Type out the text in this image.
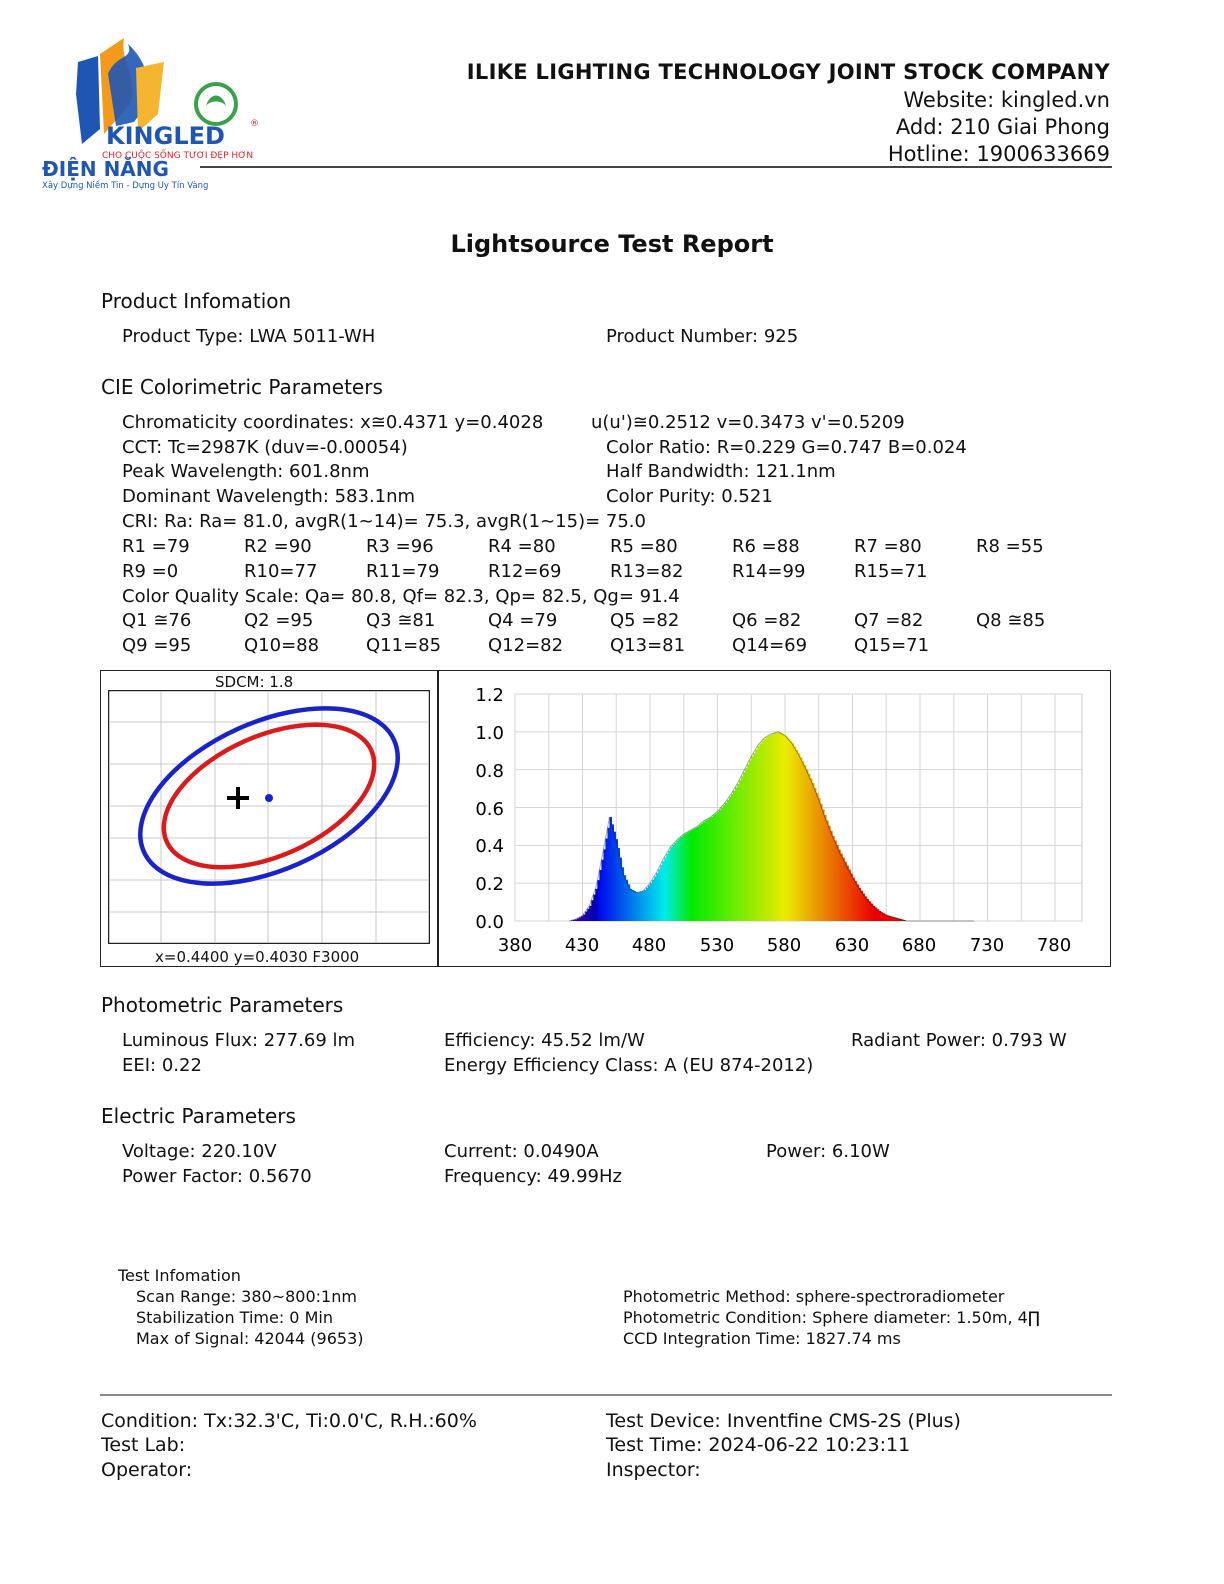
KINGLED	®
CHO CUỘC SỐNG TƯƠI ĐẸP HƠN
ĐIỆN NĂNG
Xây Dựng Niềm Tin - Dựng Uy Tín Vàng
ILIKE LIGHTING TECHNOLOGY JOINT STOCK COMPANY
Website: kingled.vn
Add: 210 Giai Phong
Hotline: 1900633669
Lightsource Test Report
Product Infomation
Product Type: LWA 5011-WH	Product Number: 925
CIE Colorimetric Parameters
Chromaticity coordinates: x≅0.4371 y=0.4028	u(u')≅0.2512 v=0.3473 v'=0.5209
CCT: Tc=2987K (duv=-0.00054)	Color Ratio: R=0.229 G=0.747 B=0.024
Peak Wavelength: 601.8nm	Half Bandwidth: 121.1nm
Dominant Wavelength: 583.1nm	Color Purity: 0.521
CRI: Ra: Ra= 81.0, avgR(1~14)= 75.3, avgR(1~15)= 75.0
R1 =79	R2 =90	R3 =96	R4 =80	R5 =80	R6 =88	R7 =80	R8 =55
R9 =0	R10=77	R11=79	R12=69	R13=82	R14=99	R15=71
Color Quality Scale: Qa= 80.8, Qf= 82.3, Qp= 82.5, Qg= 91.4
Q1 ≅76	Q2 =95	Q3 ≅81	Q4 =79	Q5 =82	Q6 =82	Q7 =82	Q8 ≅85
Q9 =95	Q10=88	Q11=85	Q12=82	Q13=81	Q14=69	Q15=71
SDCM: 1.8
x=0.4400 y=0.4030 F3000
1.2
1.0
0.8
0.6
0.4
0.2
0.0
380 430 480 530 580 630 680 730 780
Photometric Parameters
Luminous Flux: 277.69 lm	Efficiency: 45.52 lm/W	Radiant Power: 0.793 W
EEI: 0.22	Energy Efficiency Class: A (EU 874-2012)
Electric Parameters
Voltage: 220.10V	Current: 0.0490A	Power: 6.10W
Power Factor: 0.5670	Frequency: 49.99Hz
Test Infomation
Scan Range: 380~800:1nm
Stabilization Time: 0 Min
Max of Signal: 42044 (9653)
Photometric Method: sphere-spectroradiometer
Photometric Condition: Sphere diameter: 1.50m, 4∏
CCD Integration Time: 1827.74 ms
Condition: Tx:32.3'C, Ti:0.0'C, R.H.:60%	Test Device: Inventfine CMS-2S (Plus)
Test Lab:	Test Time: 2024-06-22 10:23:11
Operator:	Inspector:
